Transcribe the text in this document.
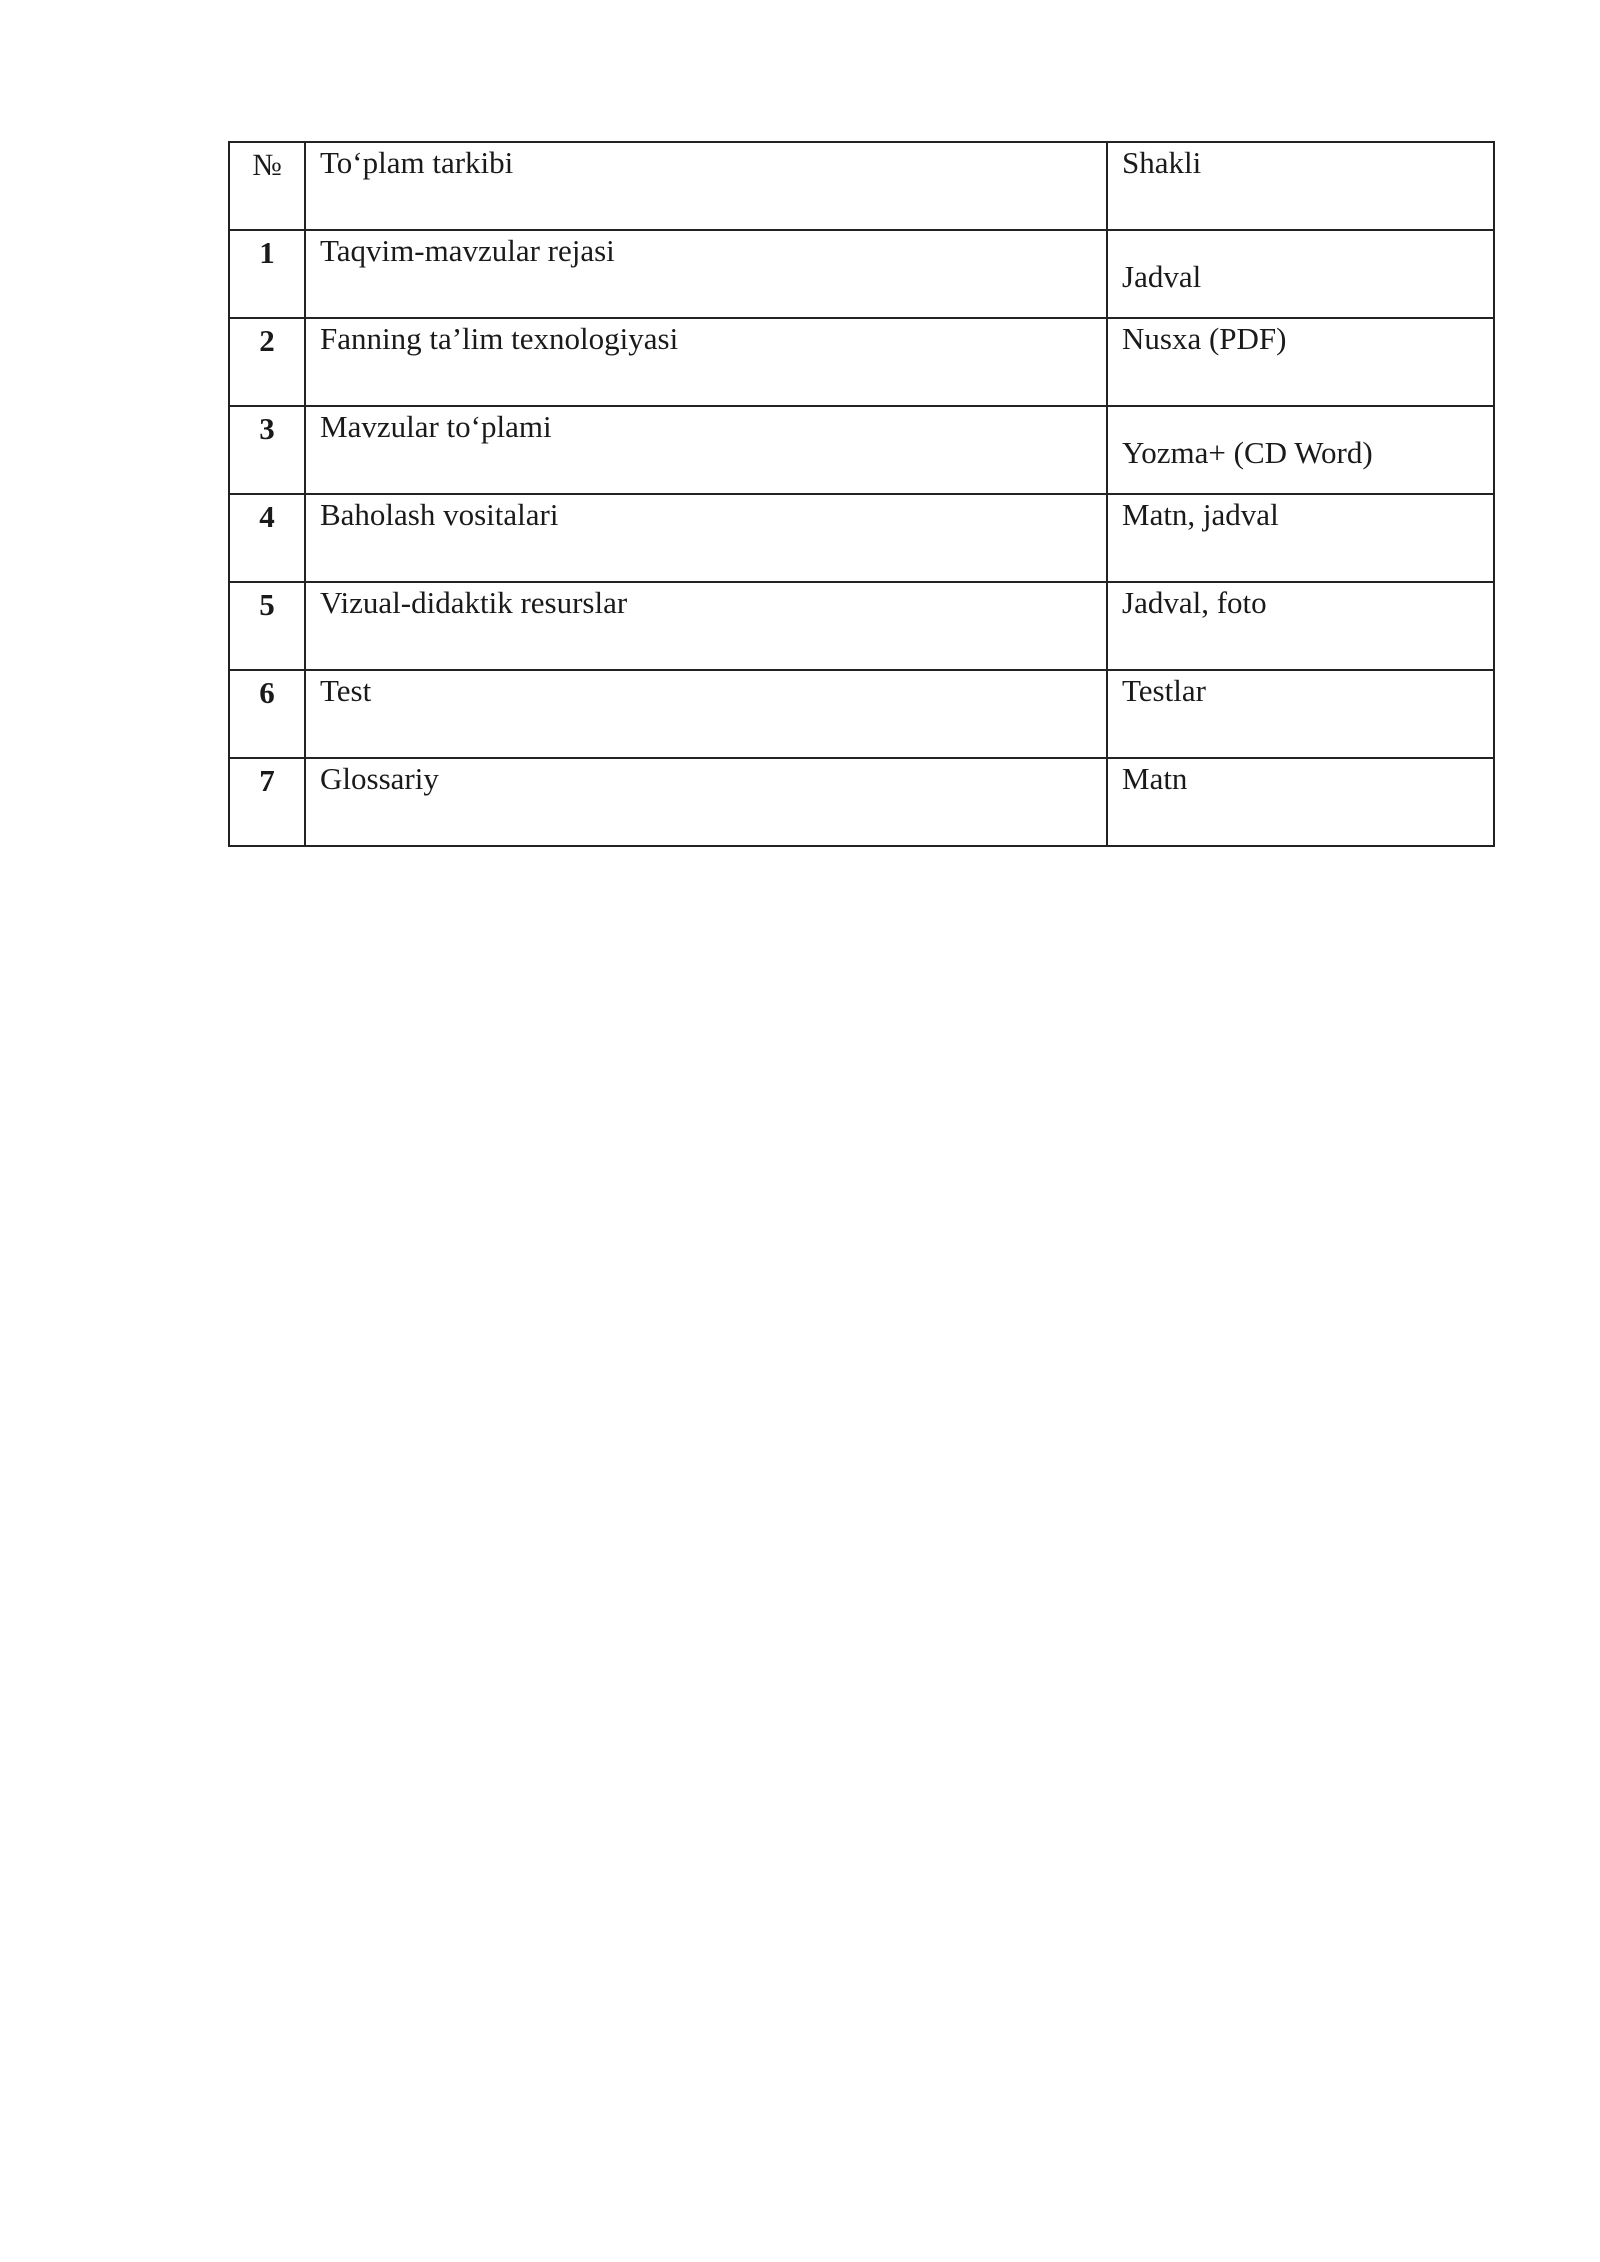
№	To‘plam tarkibi	Shakli
1	Taqvim-mavzular rejasi	Jadval
2	Fanning ta’lim texnologiyasi	Nusxa (PDF)
3	Mavzular to‘plami	Yozma+ (CD Word)
4	Baholash vositalari	Matn, jadval
5	Vizual-didaktik resurslar	Jadval, foto
6	Test	Testlar
7	Glossariy	Matn
